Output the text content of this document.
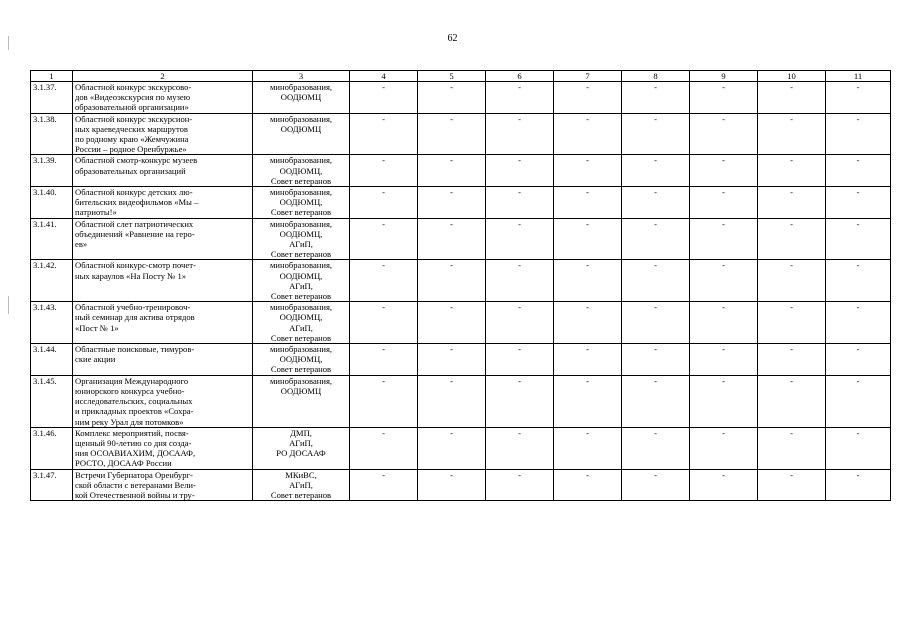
62
1	2	3	4	5	6	7	8	9	10	11
3.1.37.	Областной конкурс экскурсово-
дов «Видеоэкскурсия по музею
образовательной организации»	минобразования,
ООДЮМЦ	-	-	-	-	-	-	-	-
3.1.38.	Областной конкурс экскурсион-
ных краеведческих маршрутов
по родному краю «Жемчужина
России – родное Оренбуржье»	минобразования,
ООДЮМЦ	-	-	-	-	-	-	-	-
3.1.39.	Областной смотр-конкурс музеев
образовательных организаций	минобразования,
ООДЮМЦ,
Совет ветеранов	-	-	-	-	-	-	-	-
3.1.40.	Областной конкурс детских лю-
бительских видеофильмов «Мы –
патриоты!»	минобразования,
ООДЮМЦ,
Совет ветеранов	-	-	-	-	-	-	-	-
3.1.41.	Областной слет патриотических
объединений «Равнение на геро-
ев»	минобразования,
ООДЮМЦ,
АГиП,
Совет ветеранов	-	-	-	-	-	-	-	-
3.1.42.	Областной конкурс-смотр почет-
ных караулов «На Посту № 1»	минобразования,
ООДЮМЦ,
АГиП,
Совет ветеранов	-	-	-	-	-	-	-	-
3.1.43.	Областной учебно-тренировоч-
ный семинар для актива отрядов
«Пост № 1»	минобразования,
ООДЮМЦ,
АГиП,
Совет ветеранов	-	-	-	-	-	-	-	-
3.1.44.	Областные поисковые, тимуров-
ские акции	минобразования,
ООДЮМЦ,
Совет ветеранов	-	-	-	-	-	-	-	-
3.1.45.	Организация Международного
юниорского конкурса учебно-
исследовательских, социальных
и прикладных проектов «Сохра-
ним реку Урал для потомков»	минобразования,
ООДЮМЦ	-	-	-	-	-	-	-	-
3.1.46.	Комплекс мероприятий, посвя-
щенный 90-летию со дня созда-
ния ОСОАВИАХИМ, ДОСААФ,
РОСТО, ДОСААФ России	ДМП,
АГиП,
РО ДОСААФ	-	-	-	-	-	-	-	-
3.1.47.	Встречи Губернатора Оренбург-
ской области с ветеранами Вели-
кой Отечественной войны и тру-	МКиВС,
АГиП,
Совет ветеранов	-	-	-	-	-	-	-	-
